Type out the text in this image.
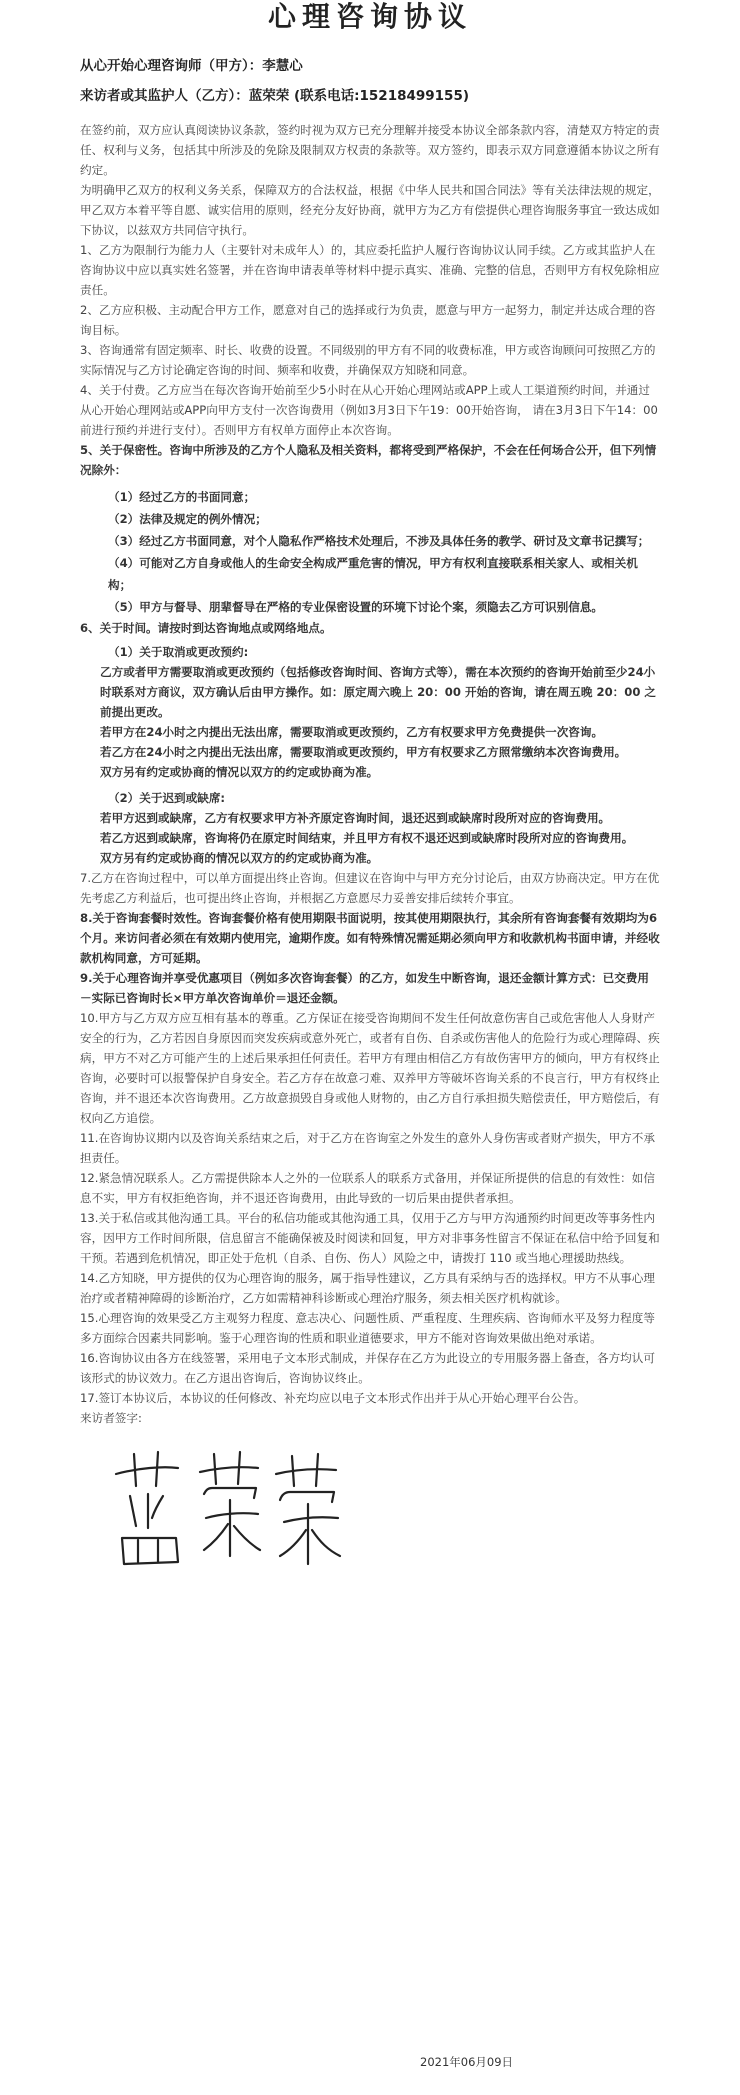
心理咨询协议

从心开始心理咨询师（甲方）：李慧心

来访者或其监护人（乙方）：蓝荣荣 (联系电话:15218499155)

在签约前，双方应认真阅读协议条款，签约时视为双方已充分理解并接受本协议全部条款内容，清楚双方特定的责任、权利与义务，包括其中所涉及的免除及限制双方权责的条款等。双方签约，即表示双方同意遵循本协议之所有约定。

为明确甲乙双方的权利义务关系，保障双方的合法权益，根据《中华人民共和国合同法》等有关法律法规的规定，甲乙双方本着平等自愿、诚实信用的原则，经充分友好协商，就甲方为乙方有偿提供心理咨询服务事宜一致达成如下协议，以兹双方共同信守执行。

1、乙方为限制行为能力人（主要针对未成年人）的，其应委托监护人履行咨询协议认同手续。乙方或其监护人在咨询协议中应以真实姓名签署，并在咨询申请表单等材料中提示真实、准确、完整的信息，否则甲方有权免除相应责任。

2、乙方应积极、主动配合甲方工作，愿意对自己的选择或行为负责，愿意与甲方一起努力，制定并达成合理的咨询目标。

3、咨询通常有固定频率、时长、收费的设置。不同级别的甲方有不同的收费标准，甲方或咨询顾问可按照乙方的实际情况与乙方讨论确定咨询的时间、频率和收费，并确保双方知晓和同意。

4、关于付费。乙方应当在每次咨询开始前至少5小时在从心开始心理网站或APP上或人工渠道预约时间，并通过从心开始心理网站或APP向甲方支付一次咨询费用（例如3月3日下午19：00开始咨询， 请在3月3日下午14：00前进行预约并进行支付）。否则甲方有权单方面停止本次咨询。

5、关于保密性。咨询中所涉及的乙方个人隐私及相关资料，都将受到严格保护，不会在任何场合公开，但下列情况除外：

（1）经过乙方的书面同意；

（2）法律及规定的例外情况；

（3）经过乙方书面同意，对个人隐私作严格技术处理后，不涉及具体任务的教学、研讨及文章书记撰写；

（4）可能对乙方自身或他人的生命安全构成严重危害的情况，甲方有权利直接联系相关家人、或相关机构；

（5）甲方与督导、朋辈督导在严格的专业保密设置的环境下讨论个案，须隐去乙方可识别信息。

6、关于时间。请按时到达咨询地点或网络地点。

（1）关于取消或更改预约:

乙方或者甲方需要取消或更改预约（包括修改咨询时间、咨询方式等），需在本次预约的咨询开始前至少24小时联系对方商议，双方确认后由甲方操作。如：原定周六晚上 20：00 开始的咨询，请在周五晚 20：00 之前提出更改。

若甲方在24小时之内提出无法出席，需要取消或更改预约，乙方有权要求甲方免费提供一次咨询。

若乙方在24小时之内提出无法出席，需要取消或更改预约，甲方有权要求乙方照常缴纳本次咨询费用。

双方另有约定或协商的情况以双方的约定或协商为准。

（2）关于迟到或缺席:

若甲方迟到或缺席，乙方有权要求甲方补齐原定咨询时间，退还迟到或缺席时段所对应的咨询费用。

若乙方迟到或缺席，咨询将仍在原定时间结束，并且甲方有权不退还迟到或缺席时段所对应的咨询费用。

双方另有约定或协商的情况以双方的约定或协商为准。

7.乙方在咨询过程中，可以单方面提出终止咨询。但建议在咨询中与甲方充分讨论后，由双方协商决定。甲方在优先考虑乙方利益后，也可提出终止咨询，并根据乙方意愿尽力妥善安排后续转介事宜。

8.关于咨询套餐时效性。咨询套餐价格有使用期限书面说明，按其使用期限执行，其余所有咨询套餐有效期均为6个月。来访问者必须在有效期内使用完，逾期作废。如有特殊情况需延期必须向甲方和收款机构书面申请，并经收款机构同意，方可延期。

9.关于心理咨询并享受优惠项目（例如多次咨询套餐）的乙方，如发生中断咨询，退还金额计算方式：已交费用－实际已咨询时长×甲方单次咨询单价＝退还金额。

10.甲方与乙方双方应互相有基本的尊重。乙方保证在接受咨询期间不发生任何故意伤害自己或危害他人人身财产安全的行为，乙方若因自身原因而突发疾病或意外死亡，或者有自伤、自杀或伤害他人的危险行为或心理障碍、疾病，甲方不对乙方可能产生的上述后果承担任何责任。若甲方有理由相信乙方有故伤害甲方的倾向，甲方有权终止咨询，必要时可以报警保护自身安全。若乙方存在故意刁难、双养甲方等破坏咨询关系的不良言行，甲方有权终止咨询，并不退还本次咨询费用。乙方故意损毁自身或他人财物的，由乙方自行承担损失赔偿责任，甲方赔偿后，有权向乙方追偿。

11.在咨询协议期内以及咨询关系结束之后，对于乙方在咨询室之外发生的意外人身伤害或者财产损失，甲方不承担责任。

12.紧急情况联系人。乙方需提供除本人之外的一位联系人的联系方式备用，并保证所提供的信息的有效性：如信息不实，甲方有权拒绝咨询，并不退还咨询费用，由此导致的一切后果由提供者承担。

13.关于私信或其他沟通工具。平台的私信功能或其他沟通工具，仅用于乙方与甲方沟通预约时间更改等事务性内容，因甲方工作时间所限，信息留言不能确保被及时阅读和回复，甲方对非事务性留言不保证在私信中给予回复和干预。若遇到危机情况，即正处于危机（自杀、自伤、伤人）风险之中，请拨打 110 或当地心理援助热线。

14.乙方知晓，甲方提供的仅为心理咨询的服务，属于指导性建议，乙方具有采纳与否的选择权。甲方不从事心理治疗或者精神障碍的诊断治疗，乙方如需精神科诊断或心理治疗服务，须去相关医疗机构就诊。

15.心理咨询的效果受乙方主观努力程度、意志决心、问题性质、严重程度、生理疾病、咨询师水平及努力程度等多方面综合因素共同影响。鉴于心理咨询的性质和职业道德要求，甲方不能对咨询效果做出绝对承诺。

16.咨询协议由各方在线签署，采用电子文本形式制成，并保存在乙方为此设立的专用服务器上备查，各方均认可该形式的协议效力。在乙方退出咨询后，咨询协议终止。

17.签订本协议后，本协议的任何修改、补充均应以电子文本形式作出并于从心开始心理平台公告。

来访者签字:

2021年06月09日
